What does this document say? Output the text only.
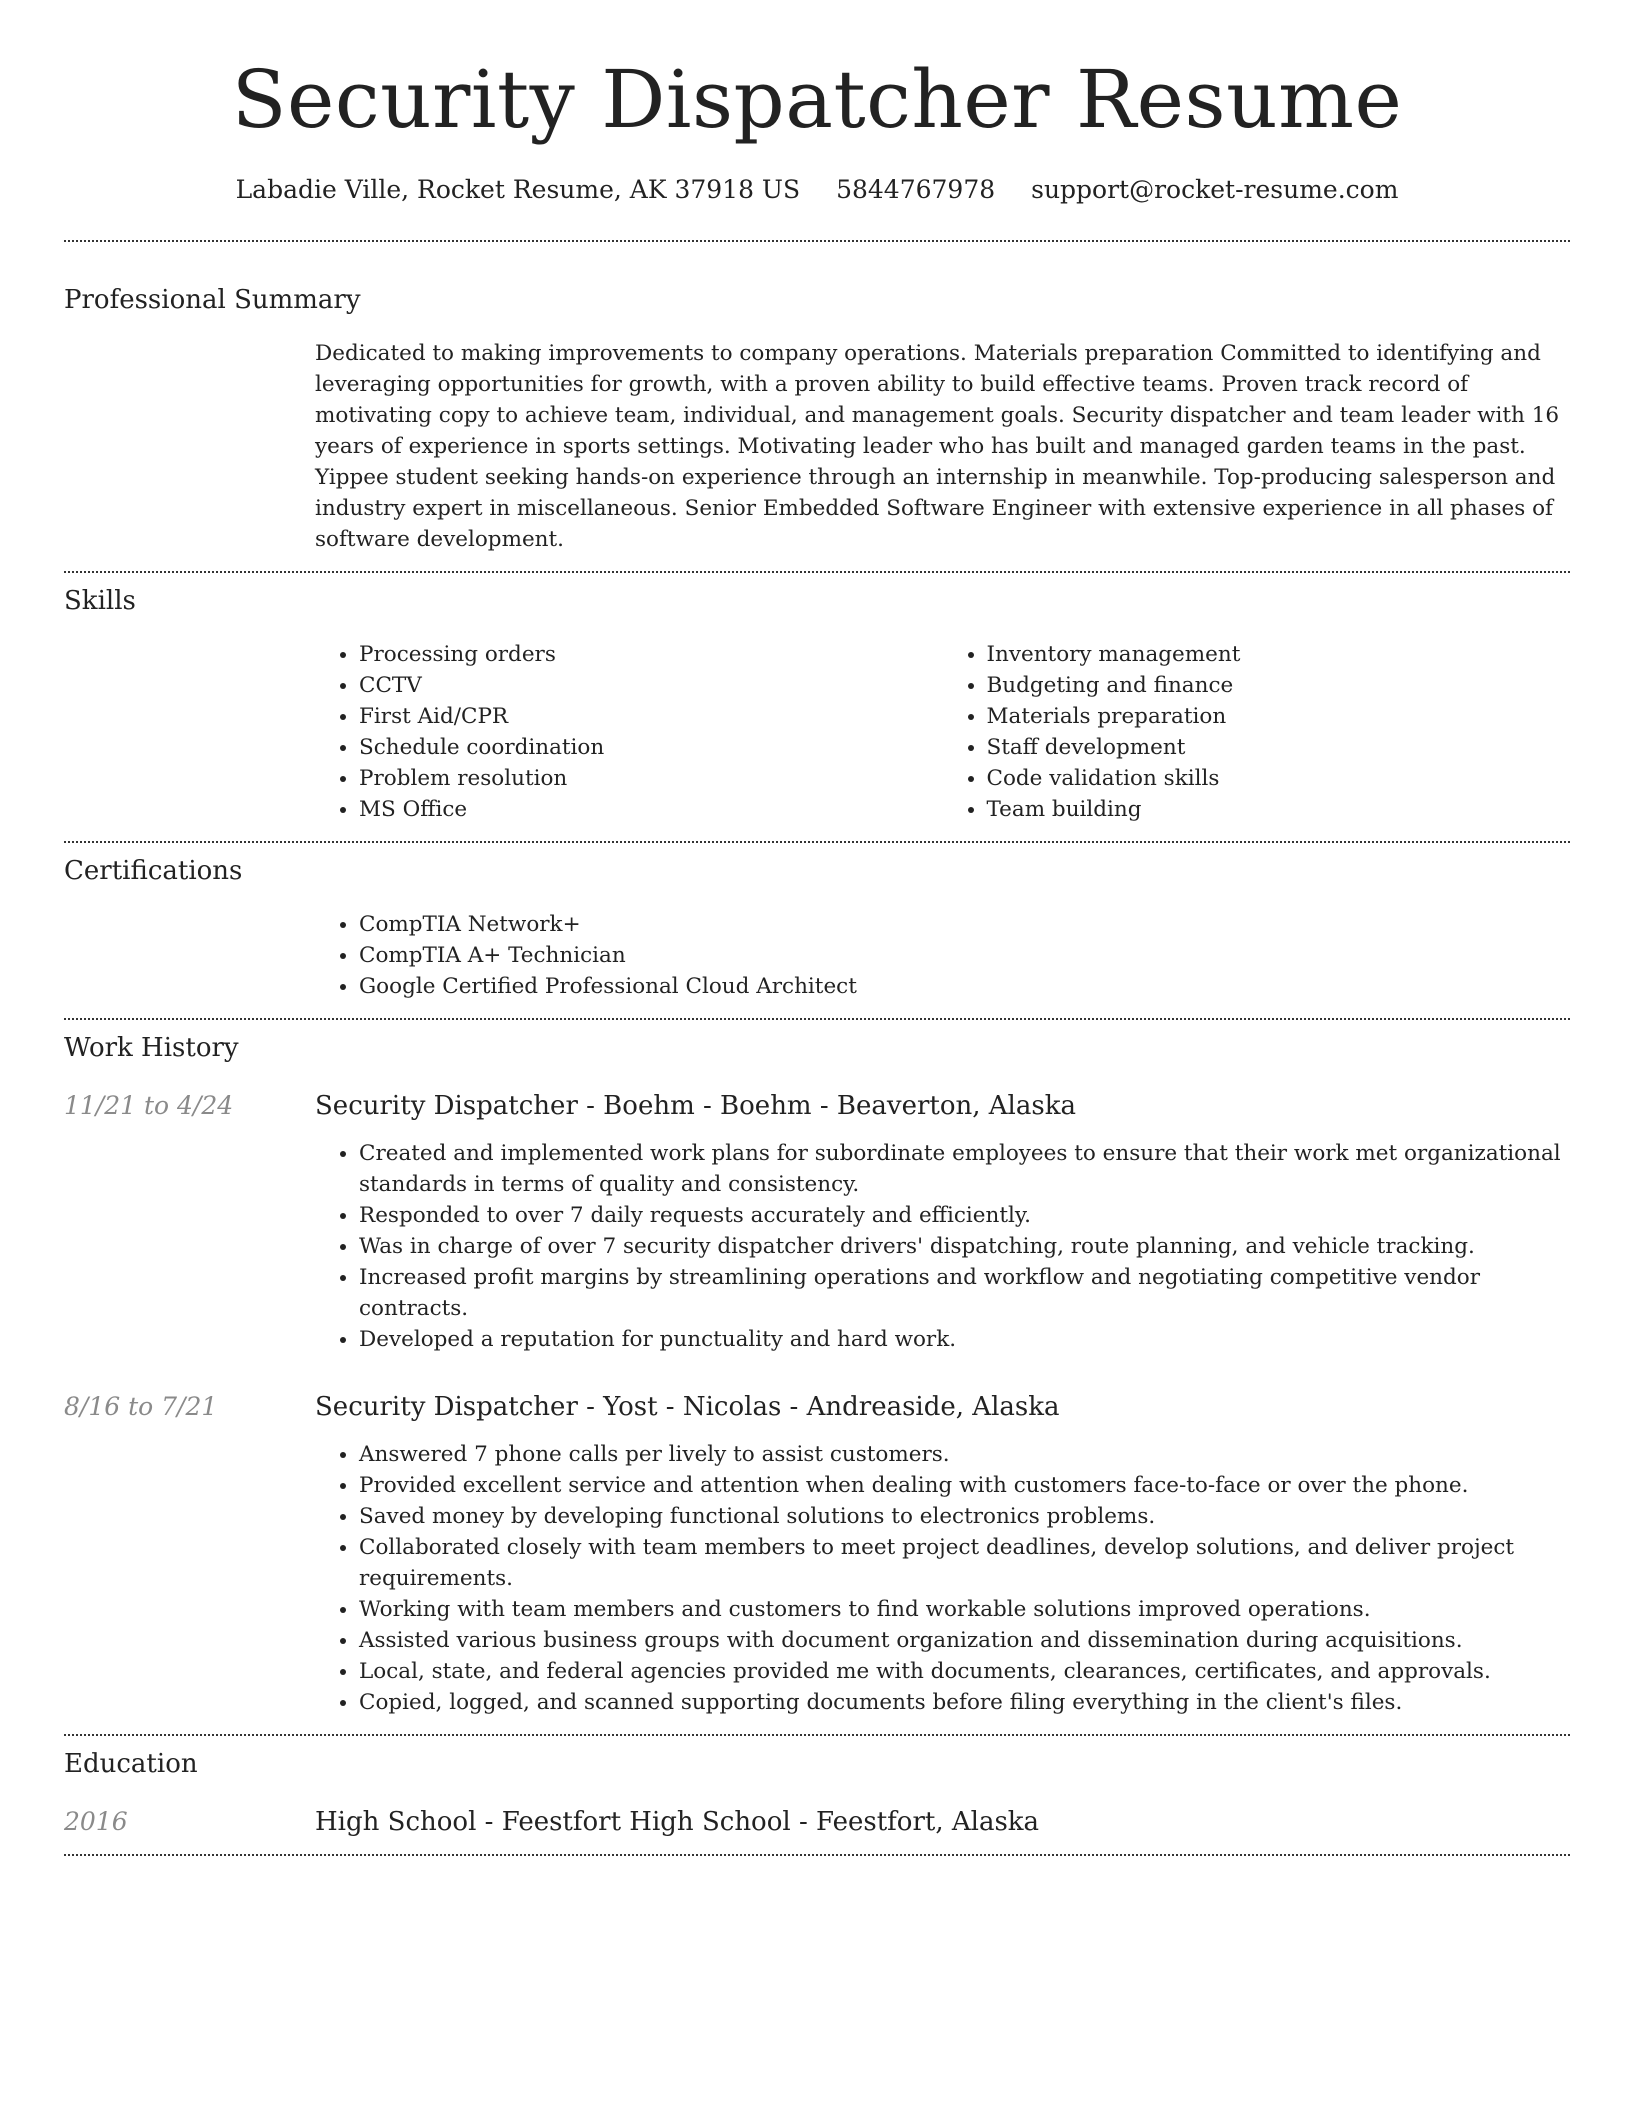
Security Dispatcher Resume
Labadie Ville, Rocket Resume, AK 37918 US 5844767978 support@rocket-resume.com
Professional Summary

Dedicated to making improvements to company operations. Materials preparation Committed to identifying and leveraging opportunities for growth, with a proven ability to build effective teams. Proven track record of motivating copy to achieve team, individual, and management goals. Security dispatcher and team leader with 16 years of experience in sports settings. Motivating leader who has built and managed garden teams in the past. Yippee student seeking hands-on experience through an internship in meanwhile. Top-producing salesperson and industry expert in miscellaneous. Senior Embedded Software Engineer with extensive experience in all phases of software development.

Skills
• Processing orders
• CCTV
• First Aid/CPR
• Schedule coordination
• Problem resolution
• MS Office
• Inventory management
• Budgeting and finance
• Materials preparation
• Staff development
• Code validation skills
• Team building
Certifications
• CompTIA Network+
• CompTIA A+ Technician
• Google Certified Professional Cloud Architect
Work History
11/21 to 4/24	Security Dispatcher - Boehm - Boehm - Beaverton, Alaska
• Created and implemented work plans for subordinate employees to ensure that their work met organizational standards in terms of quality and consistency.
• Responded to over 7 daily requests accurately and efficiently.
• Was in charge of over 7 security dispatcher drivers' dispatching, route planning, and vehicle tracking.
• Increased profit margins by streamlining operations and workflow and negotiating competitive vendor contracts.
• Developed a reputation for punctuality and hard work.
8/16 to 7/21	Security Dispatcher - Yost - Nicolas - Andreaside, Alaska
• Answered 7 phone calls per lively to assist customers.
• Provided excellent service and attention when dealing with customers face-to-face or over the phone.
• Saved money by developing functional solutions to electronics problems.
• Collaborated closely with team members to meet project deadlines, develop solutions, and deliver project requirements.
• Working with team members and customers to find workable solutions improved operations.
• Assisted various business groups with document organization and dissemination during acquisitions.
• Local, state, and federal agencies provided me with documents, clearances, certificates, and approvals.
• Copied, logged, and scanned supporting documents before filing everything in the client's files.
Education
2016	High School - Feestfort High School - Feestfort, Alaska
